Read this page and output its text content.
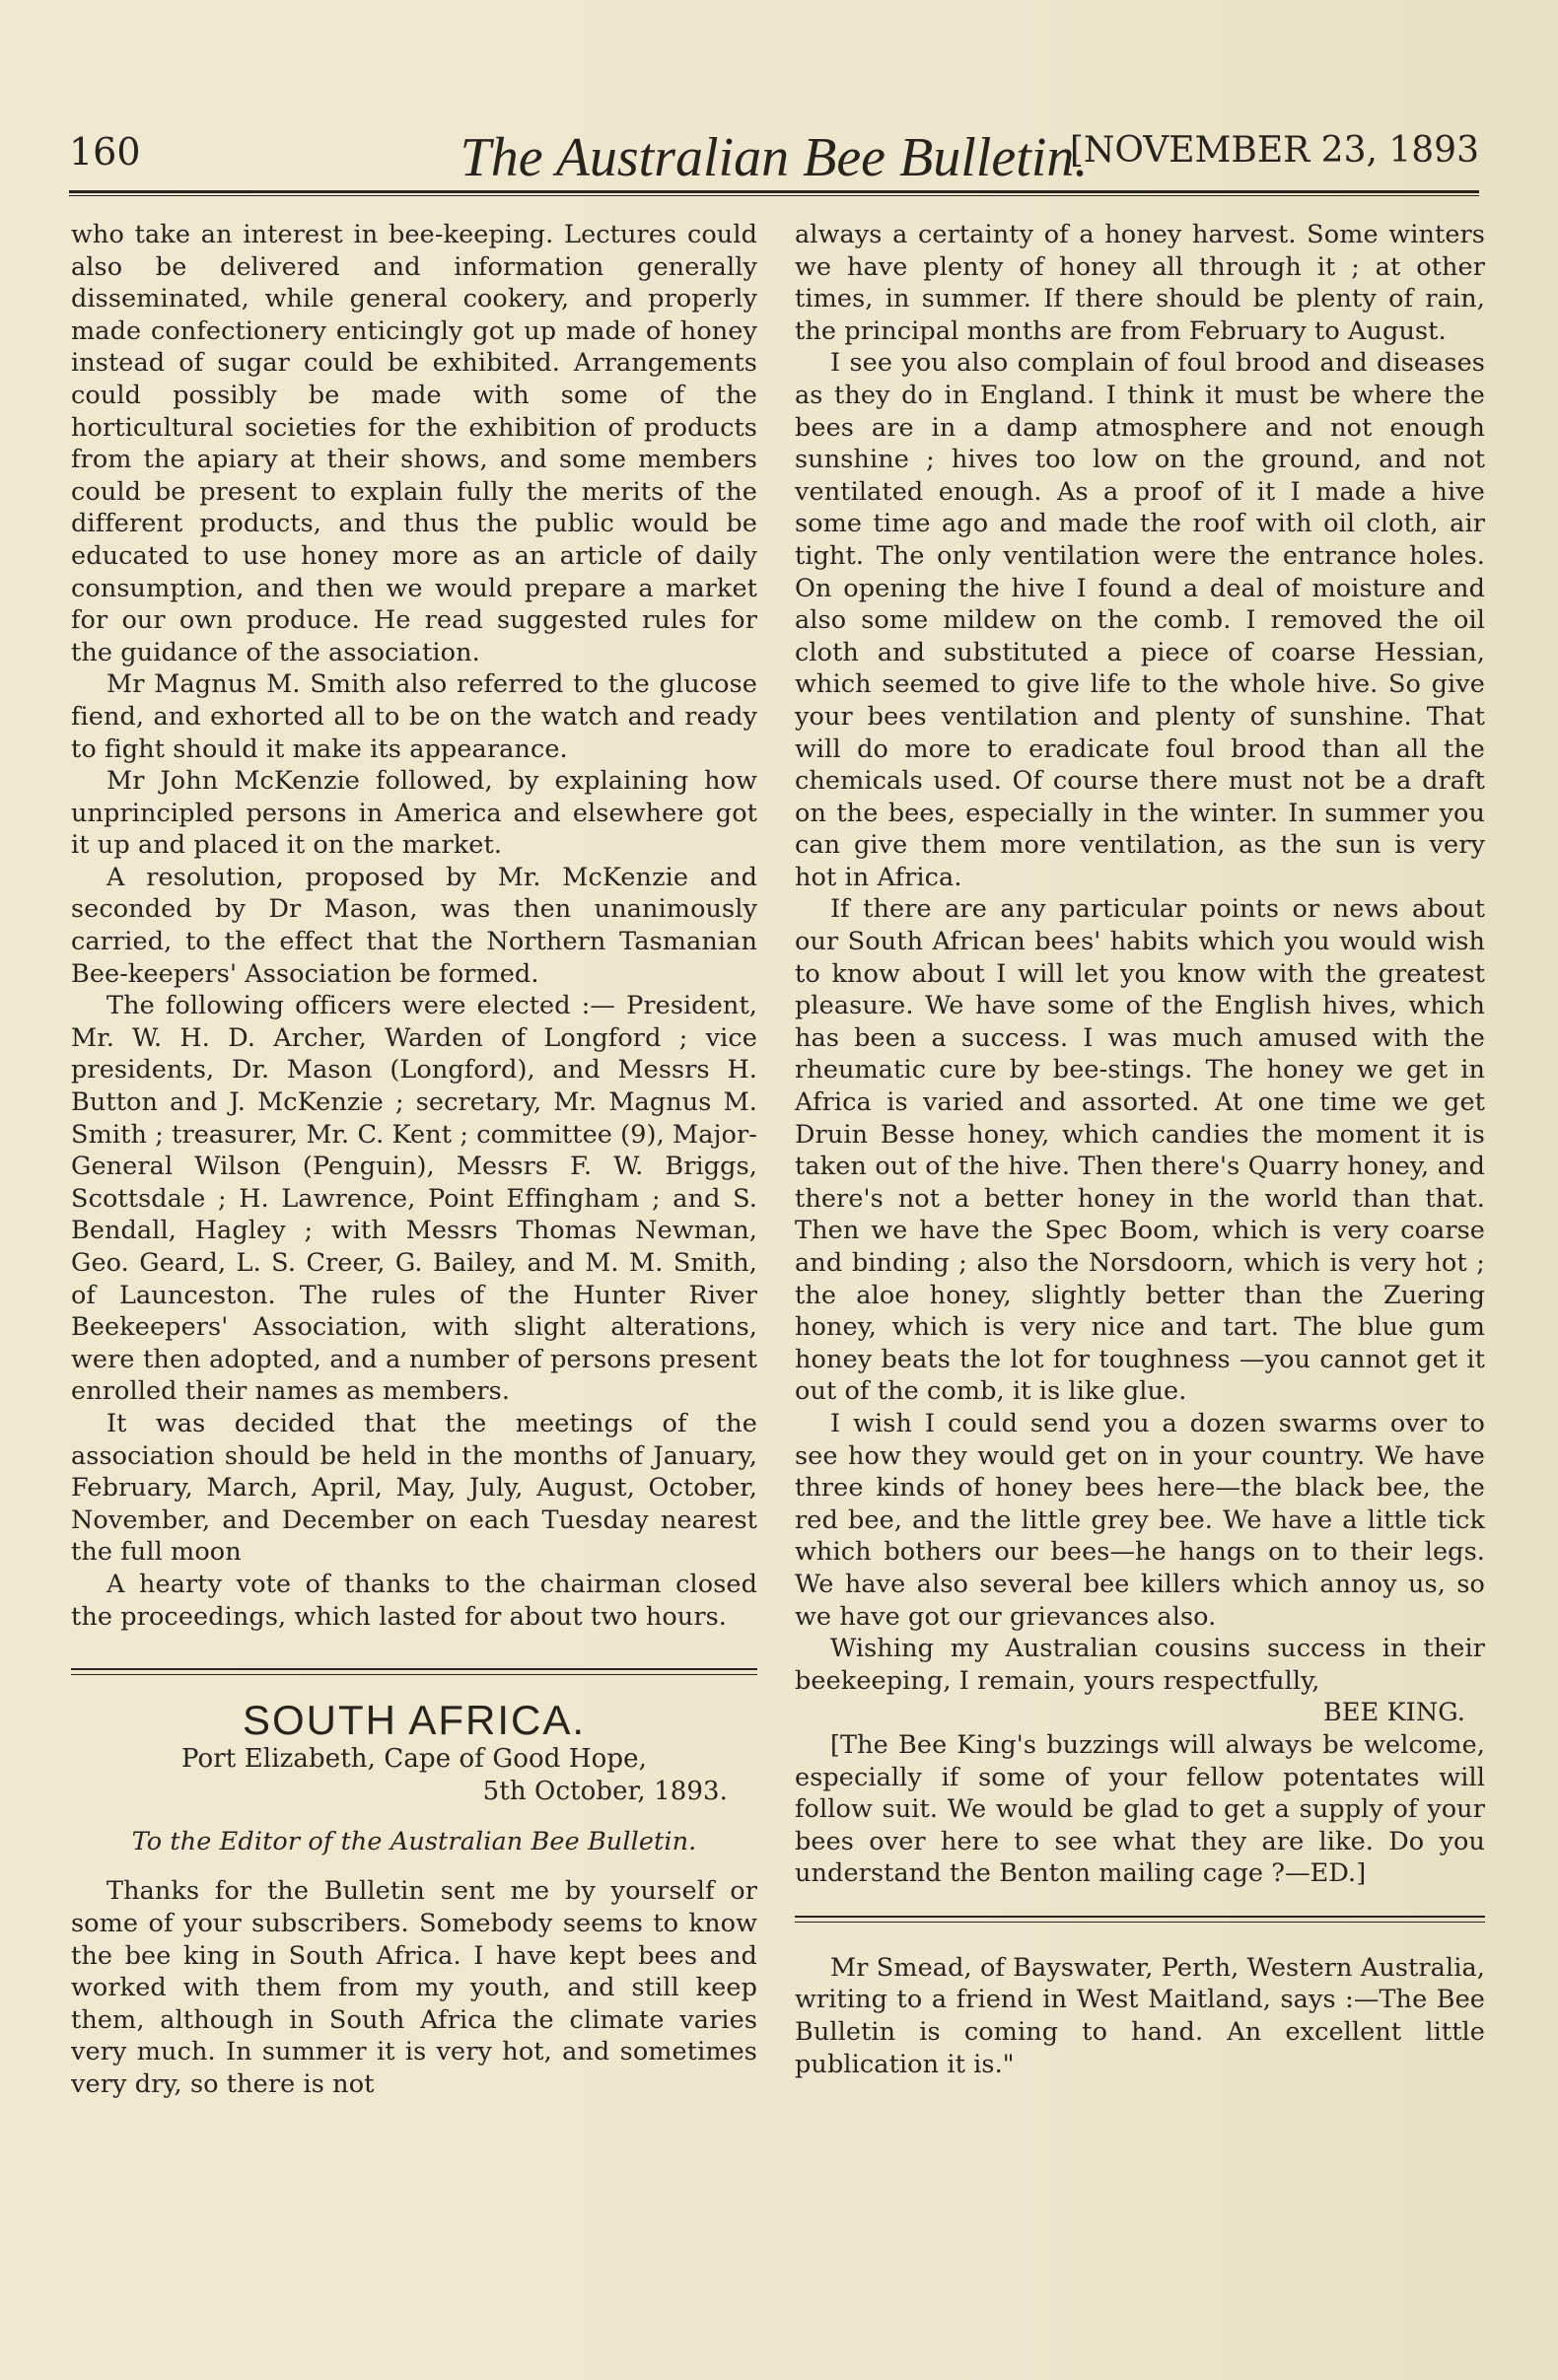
160	The Australian Bee Bulletin.
[NOVEMBER 23, 1893

who take an interest in bee-keeping. Lectures could also be delivered and information generally disseminated, while general cookery, and properly made confectionery enticingly got up made of honey instead of sugar could be exhibited. Arrangements could possibly be made with some of the horticultural societies for the exhibition of products from the apiary at their shows, and some members could be present to explain fully the merits of the different products, and thus the public would be educated to use honey more as an article of daily consumption, and then we would prepare a market for our own produce. He read suggested rules for the guidance of the association.

Mr Magnus M. Smith also referred to the glucose fiend, and exhorted all to be on the watch and ready to fight should it make its appearance.

Mr John McKenzie followed, by explaining how unprincipled persons in America and elsewhere got it up and placed it on the market.

A resolution, proposed by Mr. McKenzie and seconded by Dr Mason, was then unanimously carried, to the effect that the Northern Tasmanian Bee-keepers' Association be formed.

The following officers were elected :— President, Mr. W. H. D. Archer, Warden of Longford ; vice presidents, Dr. Mason (Longford), and Messrs H. Button and J. McKenzie ; secretary, Mr. Magnus M. Smith ; treasurer, Mr. C. Kent ; committee (9), Major-General Wilson (Penguin), Messrs F. W. Briggs, Scottsdale ; H. Lawrence, Point Effingham ; and S. Bendall, Hagley ; with Messrs Thomas Newman, Geo. Geard, L. S. Creer, G. Bailey, and M. M. Smith, of Launceston. The rules of the Hunter River Beekeepers' Association, with slight alterations, were then adopted, and a number of persons present enrolled their names as members.

It was decided that the meetings of the association should be held in the months of January, February, March, April, May, July, August, October, November, and December on each Tuesday nearest the full moon

A hearty vote of thanks to the chairman closed the proceedings, which lasted for about two hours.

SOUTH AFRICA.
Port Elizabeth, Cape of Good Hope,
5th October, 1893.
To the Editor of the Australian Bee Bulletin.

Thanks for the Bulletin sent me by yourself or some of your subscribers. Somebody seems to know the bee king in South Africa. I have kept bees and worked with them from my youth, and still keep them, although in South Africa the climate varies very much. In summer it is very hot, and sometimes very dry, so there is not

always a certainty of a honey harvest. Some winters we have plenty of honey all through it ; at other times, in summer. If there should be plenty of rain, the principal months are from February to August.

I see you also complain of foul brood and diseases as they do in England. I think it must be where the bees are in a damp atmosphere and not enough sunshine ; hives too low on the ground, and not ventilated enough. As a proof of it I made a hive some time ago and made the roof with oil cloth, air tight. The only ventilation were the entrance holes. On opening the hive I found a deal of moisture and also some mildew on the comb. I removed the oil cloth and substituted a piece of coarse Hessian, which seemed to give life to the whole hive. So give your bees ventilation and plenty of sunshine. That will do more to eradicate foul brood than all the chemicals used. Of course there must not be a draft on the bees, especially in the winter. In summer you can give them more ventilation, as the sun is very hot in Africa.

If there are any particular points or news about our South African bees' habits which you would wish to know about I will let you know with the greatest pleasure. We have some of the English hives, which has been a success. I was much amused with the rheumatic cure by bee-stings. The honey we get in Africa is varied and assorted. At one time we get Druin Besse honey, which candies the moment it is taken out of the hive. Then there's Quarry honey, and there's not a better honey in the world than that. Then we have the Spec Boom, which is very coarse and binding ; also the Norsdoorn, which is very hot ; the aloe honey, slightly better than the Zuering honey, which is very nice and tart. The blue gum honey beats the lot for toughness —you cannot get it out of the comb, it is like glue.

I wish I could send you a dozen swarms over to see how they would get on in your country. We have three kinds of honey bees here—the black bee, the red bee, and the little grey bee. We have a little tick which bothers our bees—he hangs on to their legs. We have also several bee killers which annoy us, so we have got our grievances also.

Wishing my Australian cousins success in their beekeeping, I remain, yours respectfully,

BEE KING.

[The Bee King's buzzings will always be welcome, especially if some of your fellow potentates will follow suit. We would be glad to get a supply of your bees over here to see what they are like. Do you understand the Benton mailing cage ?—ED.]

Mr Smead, of Bayswater, Perth, Western Australia, writing to a friend in West Maitland, says :—The Bee Bulletin is coming to hand. An excellent little publication it is."
